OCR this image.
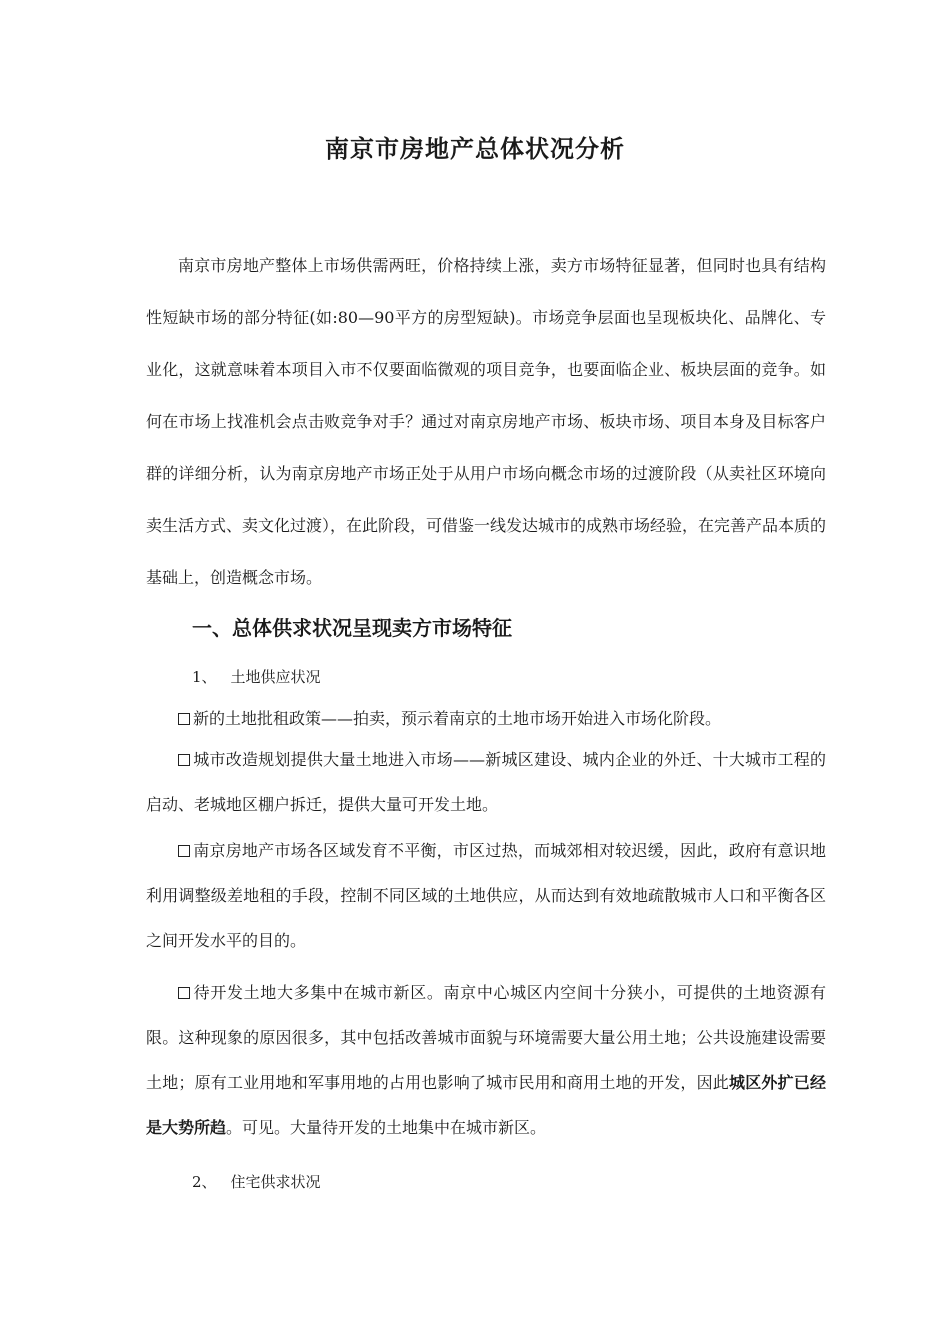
南京市房地产总体状况分析

南京市房地产整体上市场供需两旺，价格持续上涨，卖方市场特征显著，但同时也具有结构性短缺市场的部分特征(如:80—90平方的房型短缺)。市场竞争层面也呈现板块化、品牌化、专业化，这就意味着本项目入市不仅要面临微观的项目竞争，也要面临企业、板块层面的竞争。如何在市场上找准机会点击败竞争对手？通过对南京房地产市场、板块市场、项目本身及目标客户群的详细分析，认为南京房地产市场正处于从用户市场向概念市场的过渡阶段（从卖社区环境向卖生活方式、卖文化过渡），在此阶段，可借鉴一线发达城市的成熟市场经验，在完善产品本质的基础上，创造概念市场。

一、总体供求状况呈现卖方市场特征
1、 土地供应状况

新的土地批租政策——拍卖，预示着南京的土地市场开始进入市场化阶段。

城市改造规划提供大量土地进入市场——新城区建设、城内企业的外迁、十大城市工程的启动、老城地区棚户拆迁，提供大量可开发土地。

南京房地产市场各区域发育不平衡，市区过热，而城郊相对较迟缓，因此，政府有意识地利用调整级差地租的手段，控制不同区域的土地供应，从而达到有效地疏散城市人口和平衡各区之间开发水平的目的。

待开发土地大多集中在城市新区。南京中心城区内空间十分狭小，可提供的土地资源有限。这种现象的原因很多，其中包括改善城市面貌与环境需要大量公用土地；公共设施建设需要土地；原有工业用地和军事用地的占用也影响了城市民用和商用土地的开发，因此城区外扩已经是大势所趋。可见。大量待开发的土地集中在城市新区。

2、 住宅供求状况
